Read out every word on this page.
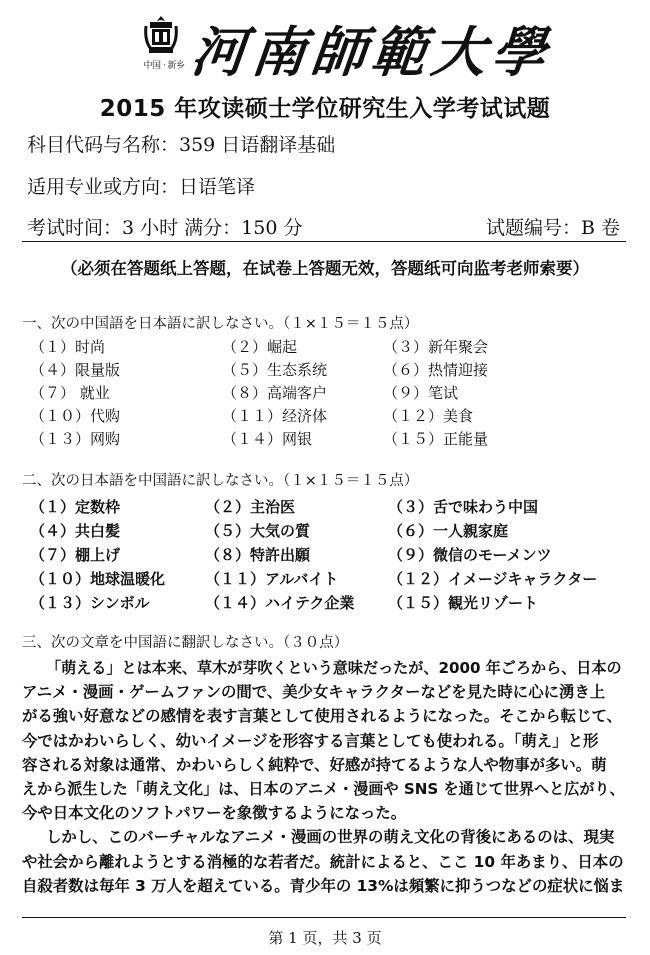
中国 · 新乡 河南師範大學
2015 年攻读硕士学位研究生入学考试试题
科目代码与名称：359 日语翻译基础
适用专业或方向：日语笔译
考试时间：3 小时 满分：150 分	试题编号：B 卷
（必须在答题纸上答题，在试卷上答题无效，答题纸可向监考老师索要）
一、次の中国語を日本語に訳しなさい。（１×１５＝１５点）
（１）时尚	（２）崛起	（３）新年聚会
（４）限量版	（５）生态系统	（６）热情迎接
（７） 就业	（８）高端客户	（９）笔试
（１０）代购	（１１）经济体	（１２）美食
（１３）网购	（１４）网银	（１５）正能量
二、次の日本語を中国語に訳しなさい。（１×１５＝１５点）
（１）定数枠	（２）主治医	（３）舌で味わう中国
（４）共白髪	（５）大気の質	（６）一人親家庭
（７）棚上げ	（８）特許出願	（９）微信のモーメンツ
（１０）地球温暖化	（１１）アルバイト	（１２）イメージキャラクター
（１３）シンボル	（１４）ハイテク企業 （１５）観光リゾート
三、次の文章を中国語に翻訳しなさい。（３０点）
「萌える」とは本来、草木が芽吹くという意味だったが、2000 年ごろから、日本の
アニメ・漫画・ゲームファンの間で、美少女キャラクターなどを見た時に心に湧き上
がる強い好意などの感情を表す言葉として使用されるようになった。そこから転じて、
今ではかわいらしく、幼いイメージを形容する言葉としても使われる。「萌え」と形
容される対象は通常、かわいらしく純粋で、好感が持てるような人や物事が多い。萌
えから派生した「萌え文化」は、日本のアニメ・漫画や SNS を通じて世界へと広がり、
今や日本文化のソフトパワーを象徴するようになった。
しかし、このバーチャルなアニメ・漫画の世界の萌え文化の背後にあるのは、現実
や社会から離れようとする消極的な若者だ。統計によると、ここ 10 年あまり、日本の
自殺者数は毎年 3 万人を超えている。青少年の 13%は頻繁に抑うつなどの症状に悩ま
第 1 页，共 3 页
